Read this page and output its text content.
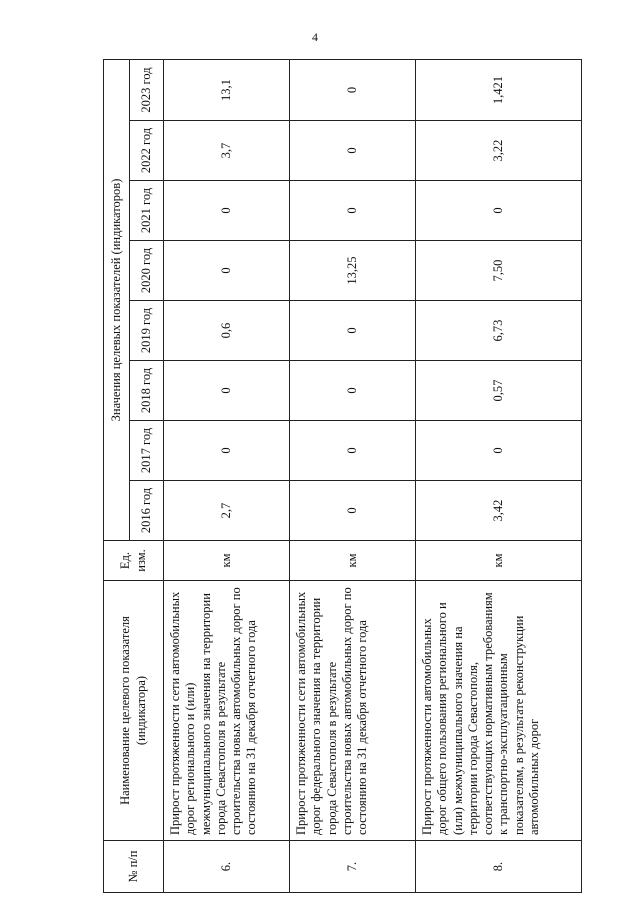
4
№ п/п	Наименование целевого показателя (индикатора)	Ед. изм.	Значения целевых показателей (индикаторов)							
			2016 год	2017 год	2018 год	2019 год	2020 год	2021 год	2022 год	2023 год
6.	Прирост протяженности сети автомобильных дорог регионального и (или) межмуниципального значения на территории города Севастополя в результате строительства новых автомобильных дорог по состоянию на 31 декабря отчетного года	км	2,7	0	0	0,6	0	0	3,7	13,1
7.	Прирост протяженности сети автомобильных дорог федерального значения на территории города Севастополя в результате строительства новых автомобильных дорог по состоянию на 31 декабря отчетного года	км	0	0	0	0	13,25	0	0	0
8.	Прирост протяженности автомобильных дорог общего пользования регионального и (или) межмуниципального значения на территории города Севастополя, соответствующих нормативным требованиям к транспортно-эксплуатационным показателям, в результате реконструкции автомобильных дорог	км	3,42	0	0,57	6,73	7,50	0	3,22	1,421
